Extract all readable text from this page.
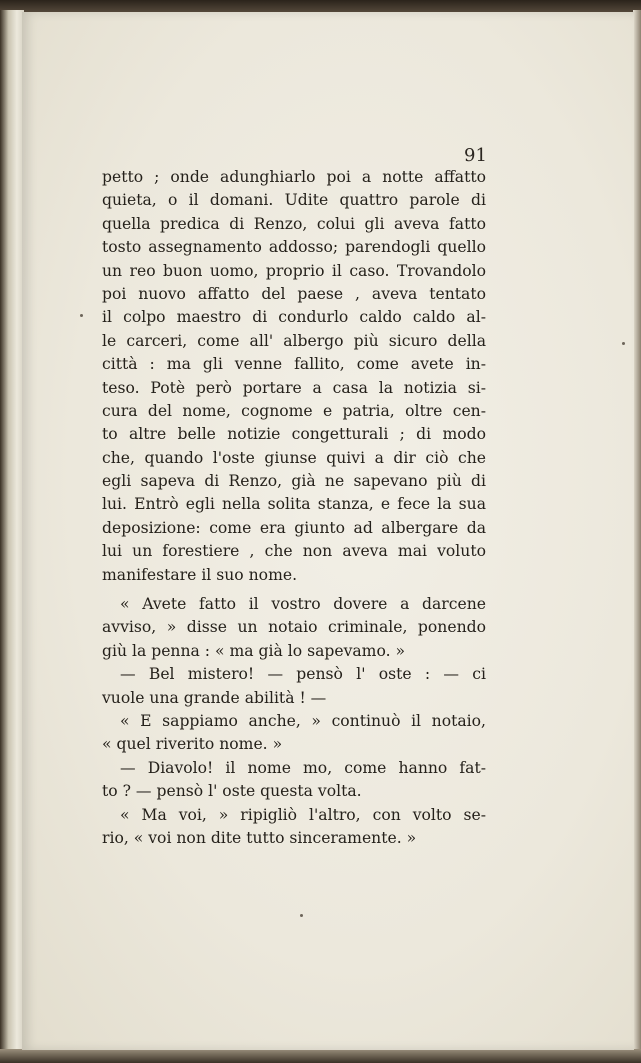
91

petto ; onde adunghiarlo poi a notte affatto
quieta, o il domani. Udite quattro parole di
quella predica di Renzo, colui gli aveva fatto
tosto assegnamento addosso; parendogli quello
un reo buon uomo, proprio il caso. Trovandolo
poi nuovo affatto del paese , aveva tentato
il colpo maestro di condurlo caldo caldo al-
le carceri, come all' albergo più sicuro della
città : ma gli venne fallito, come avete in-
teso. Potè però portare a casa la notizia si-
cura del nome, cognome e patria, oltre cen-
to altre belle notizie congetturali ; di modo
che, quando l'oste giunse quivi a dir ciò che
egli sapeva di Renzo, già ne sapevano più di
lui. Entrò egli nella solita stanza, e fece la sua
deposizione: come era giunto ad albergare da
lui un forestiere , che non aveva mai voluto
manifestare il suo nome.
« Avete fatto il vostro dovere a darcene
avviso, » disse un notaio criminale, ponendo
giù la penna : « ma già lo sapevamo. »
— Bel mistero! — pensò l' oste : — ci
vuole una grande abilità ! —
« E sappiamo anche, » continuò il notaio,
« quel riverito nome. »
— Diavolo! il nome mo, come hanno fat-
to ? — pensò l' oste questa volta.
« Ma voi, » ripigliò l'altro, con volto se-
rio, « voi non dite tutto sinceramente. »
